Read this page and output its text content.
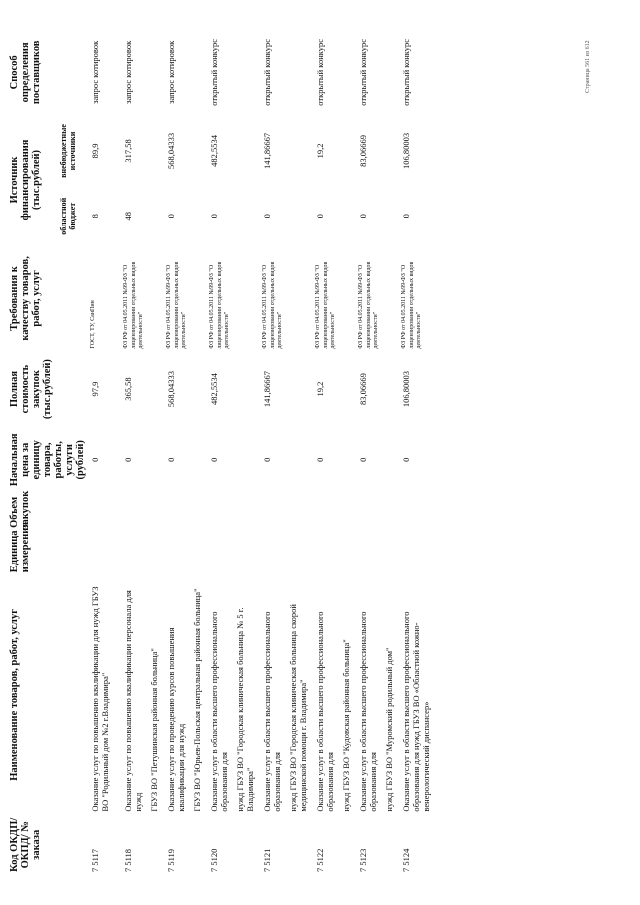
Код ОКДП/ ОКПД/ № заказа	Наименование товаров, работ, услуг	Единица измерения	Объем закупок	Начальная цена за единицу товара, работы, услуги (рублей)	Полная стоимость закупок (тыс.рублей)	Требования к качеству товаров, работ, услуг	Источник финансирования (тыс.рублей)		Способ определения поставщиков
							областной бюджет	внебюджетные источники	
7 5117	Оказание услуг по повышению квалификации для нужд ГБУЗ ВО "Родильный дом №2 г.Владимира"			0	97,9	ГОСТ, ТУ, СанПин	8	89,9	запрос котировок
7 5118	Оказание услуг по повышению квалификации персонала для нужд ГБУЗ ВО "Петушинская районная больница"			0	365,58	ФЗ РФ от 04.05.2011 №99-ФЗ "О лицензировании отдельных видов деятельности"	48	317,58	запрос котировок
7 5119	Оказание услуг по проведению курсов повышения квалификации для нужд ГБУЗ ВО "Юрьев-Польская центральная районная больница"			0	568,04333	ФЗ РФ от 04.05.2011 №99-ФЗ "О лицензировании отдельных видов деятельности"	0	568,04333	запрос котировок
7 5120	Оказание услуг в области высшего профессионального образования для нужд ГБУЗ ВО "Городская клиническая больница № 5 г. Владимира"			0	482,5534	ФЗ РФ от 04.05.2011 №99-ФЗ "О лицензировании отдельных видов деятельности"	0	482,5534	открытый конкурс
7 5121	Оказание услуг в области высшего профессионального образования для нужд ГБУЗ ВО "Городская клиническая больница скорой медицинской помощи г. Владимира"			0	141,86667	ФЗ РФ от 04.05.2011 №99-ФЗ "О лицензировании отдельных видов деятельности"	0	141,86667	открытый конкурс
7 5122	Оказание услуг в области высшего профессионального образования для нужд ГБУЗ ВО "Кудовская районная больница"			0	19,2	ФЗ РФ от 04.05.2011 №99-ФЗ "О лицензировании отдельных видов деятельности"	0	19,2	открытый конкурс
7 5123	Оказание услуг в области высшего профессионального образования для нужд ГБУЗ ВО "Муромский родильный дом"			0	83,06669	ФЗ РФ от 04.05.2011 №99-ФЗ "О лицензировании отдельных видов деятельности"	0	83,06669	открытый конкурс
7 5124	Оказание услуг в области высшего профессионального образования для нужд ГБУЗ ВО «Областной кожно-венерологический диспансер»			0	106,80003	ФЗ РФ от 04.05.2011 №99-ФЗ "О лицензировании отдельных видов деятельности"	0	106,80003	открытый конкурс	Страница 561 из 612
